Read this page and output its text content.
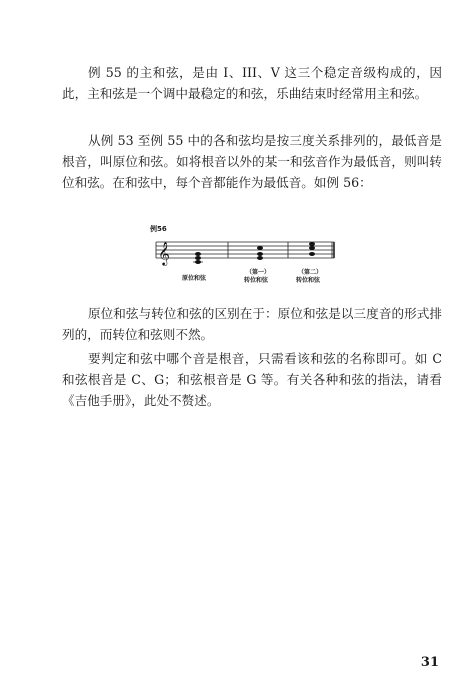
例 55 的主和弦，是由 I、III、V 这三个稳定音级构成的，因此，主和弦是一个调中最稳定的和弦，乐曲结束时经常用主和弦。

从例 53 至例 55 中的各和弦均是按三度关系排列的，最低音是根音，叫原位和弦。如将根音以外的某一和弦音作为最低音，则叫转位和弦。在和弦中，每个音都能作为最低音。如例 56：

例56
𝄞
原位和弦
（第一）
转位和弦
（第二）
转位和弦

原位和弦与转位和弦的区别在于：原位和弦是以三度音的形式排列的，而转位和弦则不然。

要判定和弦中哪个音是根音，只需看该和弦的名称即可。如 C 和弦根音是 C、G；和弦根音是 G 等。有关各种和弦的指法，请看《吉他手册》，此处不赘述。

31
